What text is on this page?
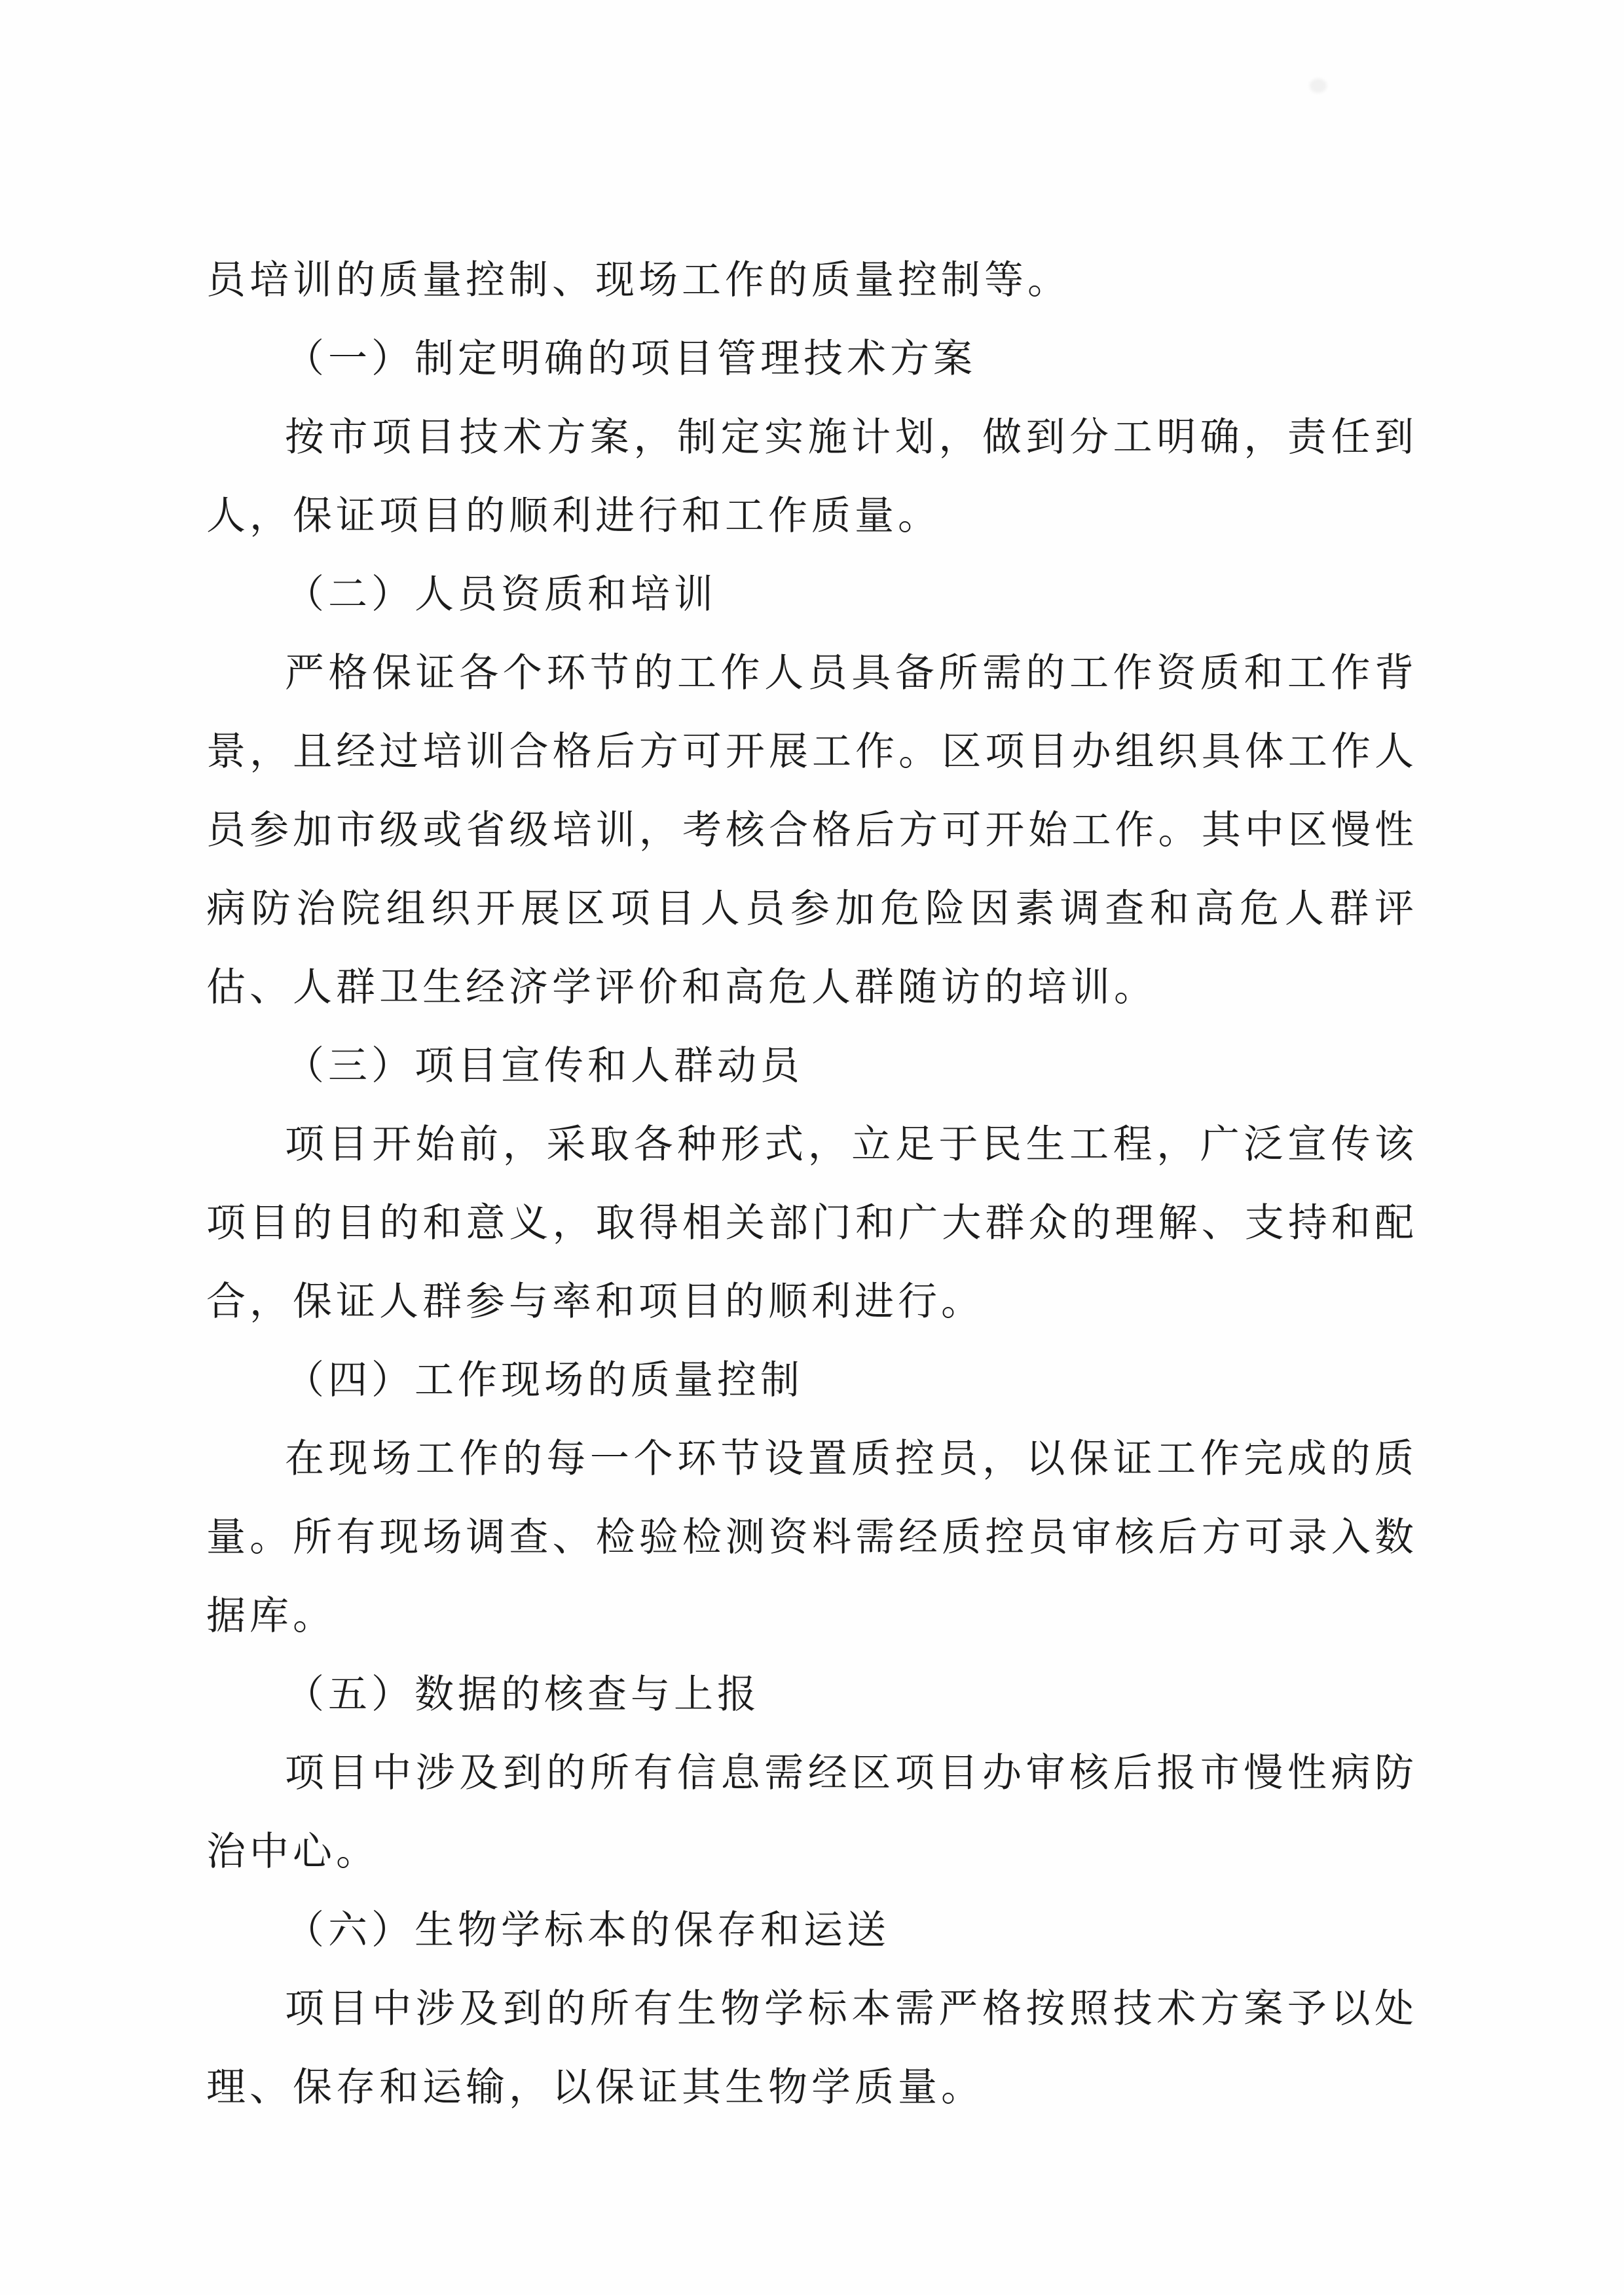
员培训的质量控制、现场工作的质量控制等。
（一）制定明确的项目管理技术方案
按市项目技术方案，制定实施计划，做到分工明确，责任到
人，保证项目的顺利进行和工作质量。
（二）人员资质和培训
严格保证各个环节的工作人员具备所需的工作资质和工作背
景，且经过培训合格后方可开展工作。区项目办组织具体工作人
员参加市级或省级培训，考核合格后方可开始工作。其中区慢性
病防治院组织开展区项目人员参加危险因素调查和高危人群评
估、人群卫生经济学评价和高危人群随访的培训。
（三）项目宣传和人群动员
项目开始前，采取各种形式，立足于民生工程，广泛宣传该
项目的目的和意义，取得相关部门和广大群众的理解、支持和配
合，保证人群参与率和项目的顺利进行。
（四）工作现场的质量控制
在现场工作的每一个环节设置质控员，以保证工作完成的质
量。所有现场调查、检验检测资料需经质控员审核后方可录入数
据库。
（五）数据的核查与上报
项目中涉及到的所有信息需经区项目办审核后报市慢性病防
治中心。
（六）生物学标本的保存和运送
项目中涉及到的所有生物学标本需严格按照技术方案予以处
理、保存和运输，以保证其生物学质量。
